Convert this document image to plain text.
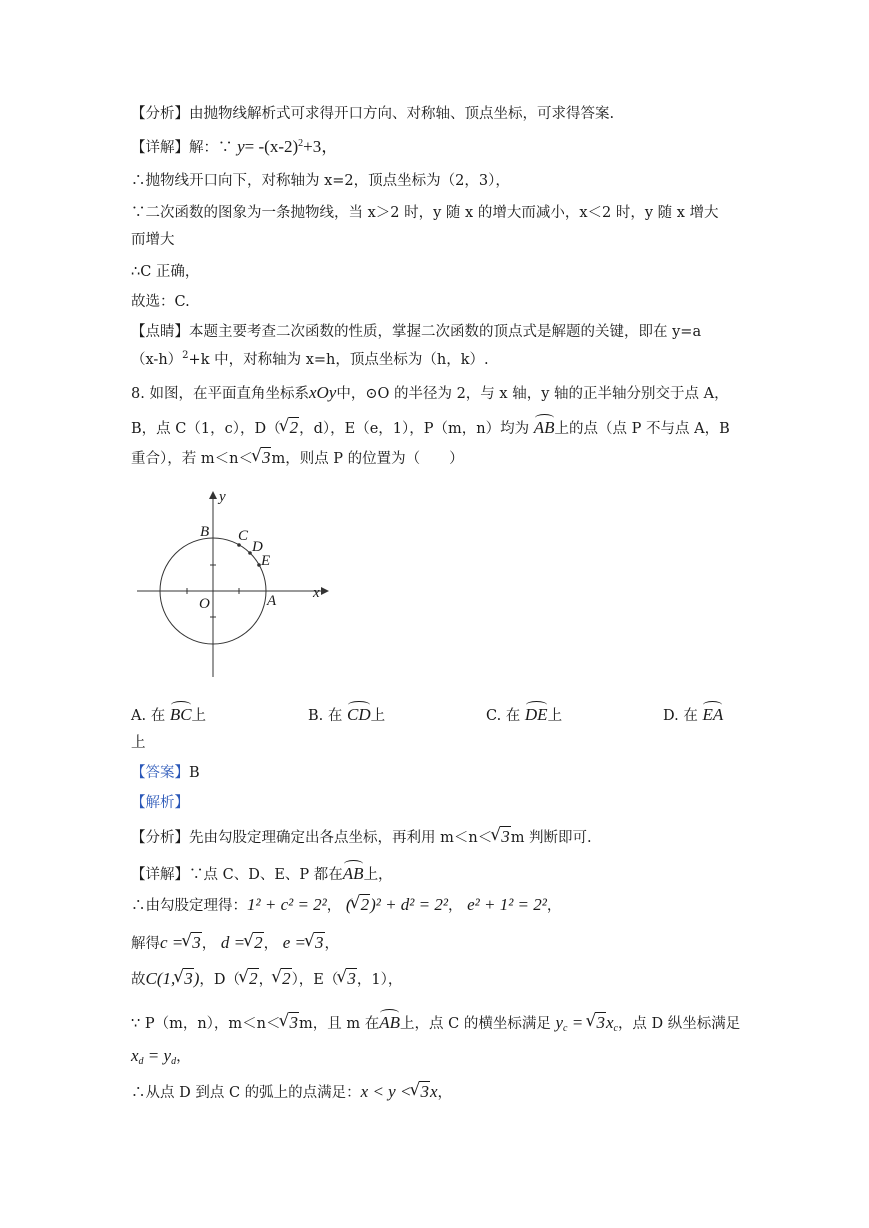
【分析】由抛物线解析式可求得开口方向、对称轴、顶点坐标，可求得答案.
【详解】解：∵ $y= -(x-2)^2+3$，
∴抛物线开口向下，对称轴为 x=2，顶点坐标为（2，3），
∵二次函数的图象为一条抛物线，当 x＞2 时，y 随 x 的增大而减小，x＜2 时，y 随 x 增大
而增大
∴C 正确，
故选：C.
【点睛】本题主要考查二次函数的性质，掌握二次函数的顶点式是解题的关键，即在 y=a
$(x-h)^2+k$ 中，对称轴为 x=h，顶点坐标为（h，k）.
8. 如图，在平面直角坐标系xOy中，⊙O 的半径为 2，与 x 轴，y 轴的正半轴分别交于点 A，
B，点 C（1，c），D（ √ 2，d），E（e，1），P（m，n）均为 AB上的点（点 P 不与点 A，B
重合），若 m＜n＜ √ 3m，则点 P 的位置为（　　）
y
x
O	A
B C
D
E
A. 在 BC上	B. 在 CD上	C. 在 DE上	D. 在 EA
上
【答案】B
【解析】
【分析】先由勾股定理确定出各点坐标，再利用 m＜n＜ √ 3m 判断即可.
【详解】∵点 C、D、E、P 都在AB上，
∴由勾股定理得：1² + c² = 2²， ( √ 2)² + d² = 2²， e² + 1² = 2²，
解得c = √ 3， d = √ 2， e = √ 3，
故C(1, √ 3)，D（ √ 2， √ 2），E（ √ 3，1），
∵ P（m，n），m＜n＜ √ 3m，且 m 在AB上，点 C 的横坐标满足 $y_c$ = √ $3x_c$，点 D 纵坐标满足
$x_d = y_d$，
∴从点 D 到点 C 的弧上的点满足：x < y < √ 3x，
